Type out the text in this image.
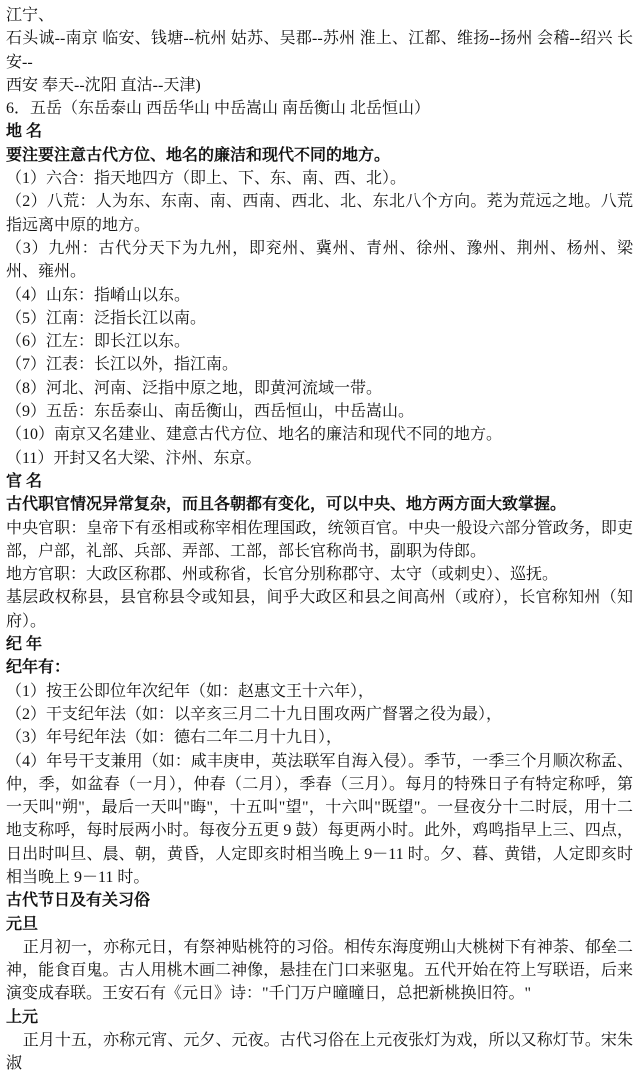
江宁、

石头诚--南京 临安、钱塘--杭州 姑苏、吴郡--苏州 淮上、江都、维扬--扬州 会稽--绍兴 长安--

西安 奉天--沈阳 直沽--天津)

6．五岳（东岳泰山 西岳华山 中岳嵩山 南岳衡山 北岳恒山）

地 名

要注要注意古代方位、地名的廉洁和现代不同的地方。

（1）六合：指天地四方（即上、下、东、南、西、北）。

（2）八荒：人为东、东南、南、西南、西北、北、东北八个方向。茺为荒远之地。八荒指远离中原的地方。

（3）九州：古代分天下为九州，即兖州、冀州、青州、徐州、豫州、荆州、杨州、梁州、雍州。

（4）山东：指崤山以东。

（5）江南：泛指长江以南。

（6）江左：即长江以东。

（7）江表：长江以外，指江南。

（8）河北、河南、泛指中原之地，即黄河流域一带。

（9）五岳：东岳泰山、南岳衡山，西岳恒山，中岳嵩山。

（10）南京又名建业、建意古代方位、地名的廉洁和现代不同的地方。

（11）开封又名大梁、汴州、东京。

官 名

古代职官情况异常复杂，而且各朝都有变化，可以中央、地方两方面大致掌握。

中央官职：皇帝下有丞相或称宰相佐理国政，统领百官。中央一般设六部分管政务，即吏部，户部，礼部、兵部、弄部、工部，部长官称尚书，副职为侍郎。

地方官职：大政区称郡、州或称省，长官分别称郡守、太守（或刺史）、巡抚。

基层政权称县，县官称县令或知县，间乎大政区和县之间高州（或府），长官称知州（知府）。

纪 年

纪年有：

（1）按王公即位年次纪年（如：赵惠文王十六年），

（2）干支纪年法（如：以辛亥三月二十九日围攻两广督署之役为最），

（3）年号纪年法（如：德右二年二月十九日），

（4）年号干支兼用（如：咸丰庚申，英法联军自海入侵）。季节，一季三个月顺次称孟、仲，季，如盆春（一月），仲春（二月），季春（三月）。每月的特殊日子有特定称呼，第一天叫"朔"，最后一天叫"晦"，十五叫"望"，十六叫"既望"。一昼夜分十二时辰，用十二地支称呼，每时辰两小时。每夜分五更 9 鼓）每更两小时。此外，鸡鸣指早上三、四点，日出时叫旦、晨、朝，黄昏，人定即亥时相当晚上 9－11 时。夕、暮、黄错，人定即亥时相当晚上 9－11 时。

古代节日及有关习俗

元旦

正月初一，亦称元日，有祭神贴桃符的习俗。相传东海度朔山大桃树下有神荼、郁垒二神，能食百鬼。古人用桃木画二神像，悬挂在门口来驱鬼。五代开始在符上写联语，后来演变成春联。王安石有《元日》诗："千门万户曈曈日，总把新桃换旧符。"

上元

正月十五，亦称元宵、元夕、元夜。古代习俗在上元夜张灯为戏，所以又称灯节。宋朱淑
